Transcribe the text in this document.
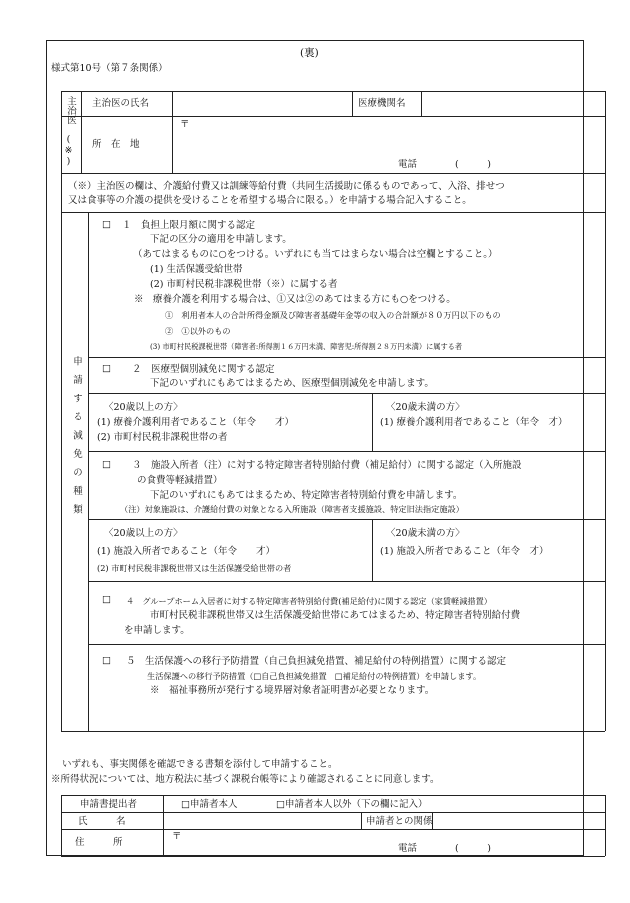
(裏)
様式第10号（第７条関係）
主治医
(※)
主治医の氏名	医療機関名
所　在　地
〒
電話	(　　　)
（※）主治医の欄は、介護給付費又は訓練等給付費（共同生活援助に係るものであって、入浴、排せつ
又は食事等の介護の提供を受けることを希望する場合に限る。）を申請する場合記入すること。
申請する減免の種類
□ １　負担上限月額に関する認定
下記の区分の適用を申請します。
（あてはまるものに○をつける。いずれにも当てはまらない場合は空欄とすること。）
(1) 生活保護受給世帯
(2) 市町村民税非課税世帯（※）に属する者
※　療養介護を利用する場合は、①又は②のあてはまる方にも○をつける。
①　利用者本人の合計所得金額及び障害者基礎年金等の収入の合計額が８０万円以下のもの
②　①以外のもの
(3) 市町村民税課税世帯（障害者:所得割１６万円未満、障害児:所得割２８万円未満）に属する者
□ ２　医療型個別減免に関する認定
下記のいずれにもあてはまるため、医療型個別減免を申請します。
〈20歳以上の方〉
(1) 療養介護利用者であること（年令　　才）
(2) 市町村民税非課税世帯の者
〈20歳未満の方〉
(1) 療養介護利用者であること（年令　才）
□ ３　施設入所者（注）に対する特定障害者特別給付費（補足給付）に関する認定（入所施設
の食費等軽減措置）
下記のいずれにもあてはまるため、特定障害者特別給付費を申請します。
（注）対象施設は、介護給付費の対象となる入所施設（障害者支援施設、特定旧法指定施設）
〈20歳以上の方〉
(1) 施設入所者であること（年令　　才）
(2) 市町村民税非課税世帯又は生活保護受給世帯の者
〈20歳未満の方〉
(1) 施設入所者であること（年令　才）
□ ４　グループホーム入居者に対する特定障害者特別給付費(補足給付)に関する認定（家賃軽減措置）
市町村民税非課税世帯又は生活保護受給世帯にあてはまるため、特定障害者特別給付費
を申請します。
□ ５　生活保護への移行予防措置（自己負担減免措置、補足給付の特例措置）に関する認定
生活保護への移行予防措置（□自己負担減免措置　□補足給付の特例措置）を申請します。
※　福祉事務所が発行する境界層対象者証明書が必要となります。
いずれも、事実関係を確認できる書類を添付して申請すること。
※所得状況については、地方税法に基づく課税台帳等により確認されることに同意します。
申請書提出者	□申請者本人	□申請者本人以外（下の欄に記入）
氏　　　名	申請者との関係
住　　　所
〒
電話	(　　　)
